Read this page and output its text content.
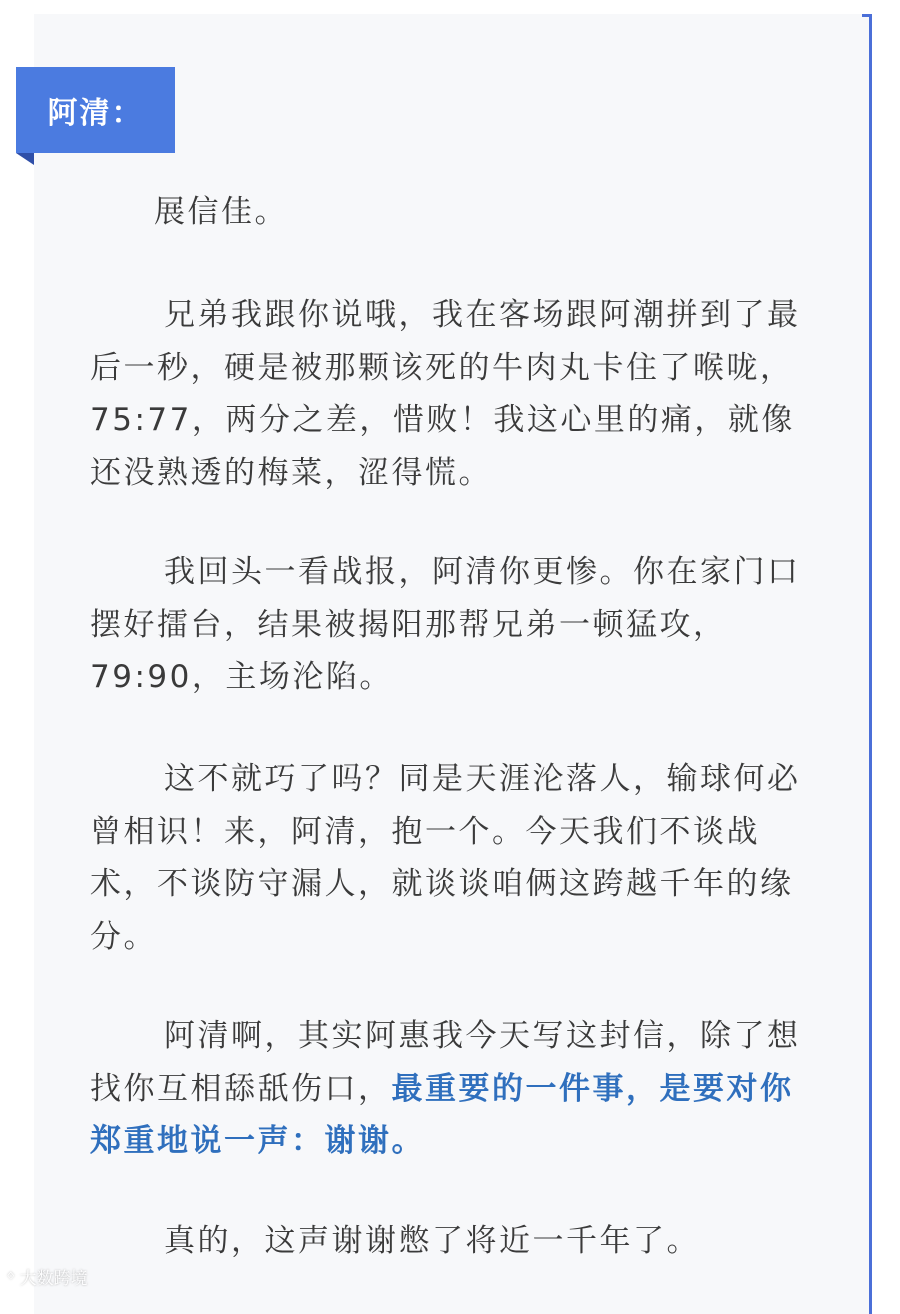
阿清：

展信佳。

兄弟我跟你说哦，我在客场跟阿潮拼到了最后一秒，硬是被那颗该死的牛肉丸卡住了喉咙，75:77，两分之差，惜败！我这心里的痛，就像还没熟透的梅菜，涩得慌。

我回头一看战报，阿清你更惨。你在家门口摆好擂台，结果被揭阳那帮兄弟一顿猛攻，79:90，主场沦陷。

这不就巧了吗？同是天涯沦落人，输球何必曾相识！来，阿清，抱一个。今天我们不谈战术，不谈防守漏人，就谈谈咱俩这跨越千年的缘分。

阿清啊，其实阿惠我今天写这封信，除了想找你互相舔舐伤口，最重要的一件事，是要对你郑重地说一声：谢谢。

真的，这声谢谢憋了将近一千年了。

ᛜ 大数跨境
